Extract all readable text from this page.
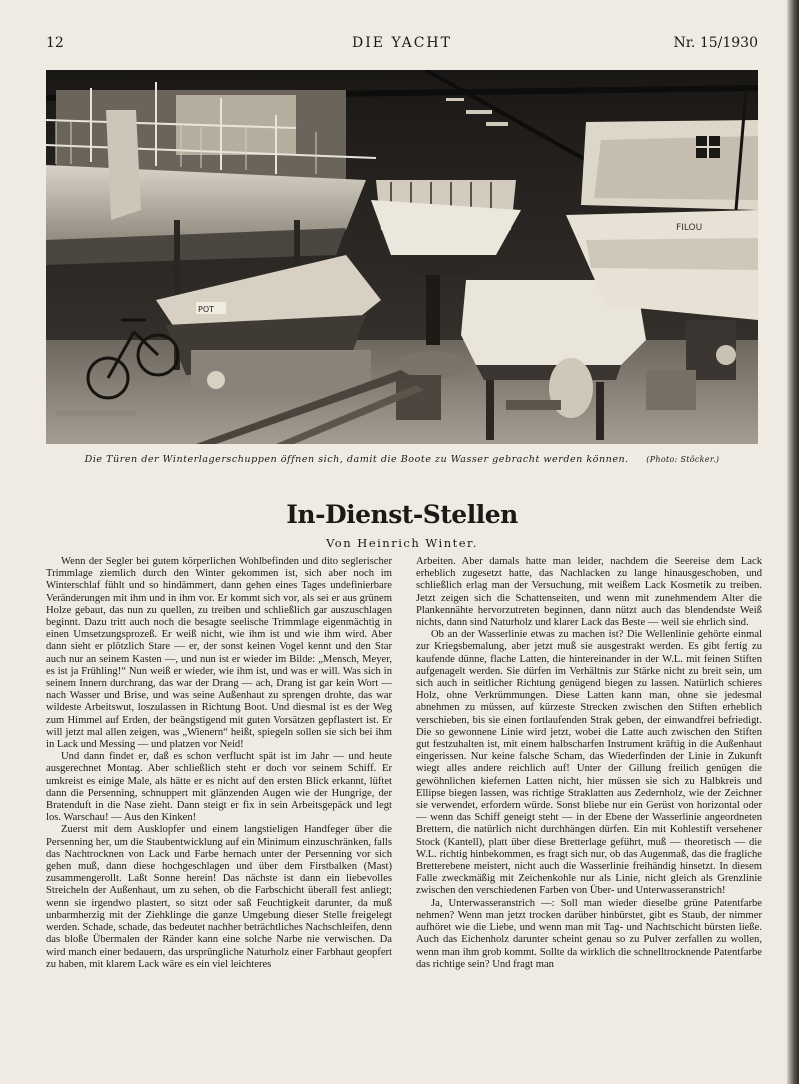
12	DIE YACHT	Nr. 15/1930
POT
FILOU
Die Türen der Winterlagerschuppen öffnen sich, damit die Boote zu Wasser gebracht werden können. (Photo: Stöcker.)
In-Dienst-Stellen
Von Heinrich Winter.

Wenn der Segler bei gutem körperlichen Wohlbefinden und dito seglerischer Trimmlage ziemlich durch den Winter gekommen ist, sich aber noch im Winterschlaf fühlt und so hindämmert, dann gehen eines Tages undefinierbare Veränderungen mit ihm und in ihm vor. Er kommt sich vor, als sei er aus grünem Holze gebaut, das nun zu quellen, zu treiben und schließlich gar auszuschlagen beginnt. Dazu tritt auch noch die besagte seelische Trimmlage eigenmächtig in einen Umsetzungsprozeß. Er weiß nicht, wie ihm ist und wie ihm wird. Aber dann sieht er plötzlich Stare — er, der sonst keinen Vogel kennt und den Star auch nur an seinem Kasten —, und nun ist er wieder im Bilde: „Mensch, Meyer, es ist ja Frühling!“ Nun weiß er wieder, wie ihm ist, und was er will. Was sich in seinem Innern durchrang, das war der Drang — ach, Drang ist gar kein Wort — nach Wasser und Brise, und was seine Außenhaut zu sprengen drohte, das war wildeste Arbeitswut, loszulassen in Richtung Boot. Und diesmal ist es der Weg zum Himmel auf Erden, der beängstigend mit guten Vorsätzen gepflastert ist. Er will jetzt mal allen zeigen, was „Wienern“ heißt, spiegeln sollen sie sich bei ihm in Lack und Messing — und platzen vor Neid!

Und dann findet er, daß es schon verflucht spät ist im Jahr — und heute ausgerechnet Montag. Aber schließlich steht er doch vor seinem Schiff. Er umkreist es einige Male, als hätte er es nicht auf den ersten Blick erkannt, lüftet dann die Persenning, schnuppert mit glänzenden Augen wie der Hungrige, der Bratenduft in die Nase zieht. Dann steigt er fix in sein Arbeitsgepäck und legt los. Warschau! — Aus den Kinken!

Zuerst mit dem Ausklopfer und einem langstieligen Handfeger über die Persenning her, um die Staubentwicklung auf ein Minimum einzuschränken, falls das Nachtrocknen von Lack und Farbe hernach unter der Persenning vor sich gehen muß, dann diese hochgeschlagen und über dem Firstbalken (Mast) zusammengerollt. Laßt Sonne herein! Das nächste ist dann ein liebevolles Streicheln der Außenhaut, um zu sehen, ob die Farbschicht überall fest anliegt; wenn sie irgendwo plastert, so sitzt oder saß Feuchtigkeit darunter, da muß unbarmherzig mit der Ziehklinge die ganze Umgebung dieser Stelle freigelegt werden. Schade, schade, das bedeutet nachher beträchtliches Nachschleifen, denn das bloße Übermalen der Ränder kann eine solche Narbe nie verwischen. Da wird manch einer bedauern, das ursprüngliche Naturholz einer Farbhaut geopfert zu haben, mit klarem Lack wäre es ein viel leichteres

Arbeiten. Aber damals hatte man leider, nachdem die Seereise dem Lack erheblich zugesetzt hatte, das Nachlacken zu lange hinausgeschoben, und schließlich erlag man der Versuchung, mit weißem Lack Kosmetik zu treiben. Jetzt zeigen sich die Schattenseiten, und wenn mit zunehmendem Alter die Plankennähte hervorzutreten beginnen, dann nützt auch das blendendste Weiß nichts, dann sind Naturholz und klarer Lack das Beste — weil sie ehrlich sind.

Ob an der Wasserlinie etwas zu machen ist? Die Wellenlinie gehörte einmal zur Kriegsbemalung, aber jetzt muß sie ausgestrakt werden. Es gibt fertig zu kaufende dünne, flache Latten, die hintereinander in der W.L. mit feinen Stiften aufgenagelt werden. Sie dürfen im Verhältnis zur Stärke nicht zu breit sein, um sich auch in seitlicher Richtung genügend biegen zu lassen. Natürlich schieres Holz, ohne Verkrümmungen. Diese Latten kann man, ohne sie jedesmal abnehmen zu müssen, auf kürzeste Strecken zwischen den Stiften erheblich verschieben, bis sie einen fortlaufenden Strak geben, der einwandfrei befriedigt. Die so gewonnene Linie wird jetzt, wobei die Latte auch zwischen den Stiften gut festzuhalten ist, mit einem halbscharfen Instrument kräftig in die Außenhaut eingerissen. Nur keine falsche Scham, das Wiederfinden der Linie in Zukunft wiegt alles andere reichlich auf! Unter der Gillung freilich genügen die gewöhnlichen kiefernen Latten nicht, hier müssen sie sich zu Halbkreis und Ellipse biegen lassen, was richtige Straklatten aus Zedernholz, wie der Zeichner sie verwendet, erfordern würde. Sonst bliebe nur ein Gerüst von horizontal oder — wenn das Schiff geneigt steht — in der Ebene der Wasserlinie angeordneten Brettern, die natürlich nicht durchhängen dürfen. Ein mit Kohlestift versehener Stock (Kantell), platt über diese Bretterlage geführt, muß — theoretisch — die W.L. richtig hinbekommen, es fragt sich nur, ob das Augenmaß, das die fragliche Bretterebene meistert, nicht auch die Wasserlinie freihändig hinsetzt. In diesem Falle zweckmäßig mit Zeichenkohle nur als Linie, nicht gleich als Grenzlinie zwischen den verschiedenen Farben von Über- und Unterwasseranstrich!

Ja, Unterwasseranstrich —: Soll man wieder dieselbe grüne Patentfarbe nehmen? Wenn man jetzt trocken darüber hinbürstet, gibt es Staub, der nimmer aufhöret wie die Liebe, und wenn man mit Tag- und Nachtschicht bürsten ließe. Auch das Eichenholz darunter scheint genau so zu Pulver zerfallen zu wollen, wenn man ihm grob kommt. Sollte da wirklich die schnelltrocknende Patentfarbe das richtige sein? Und fragt man
